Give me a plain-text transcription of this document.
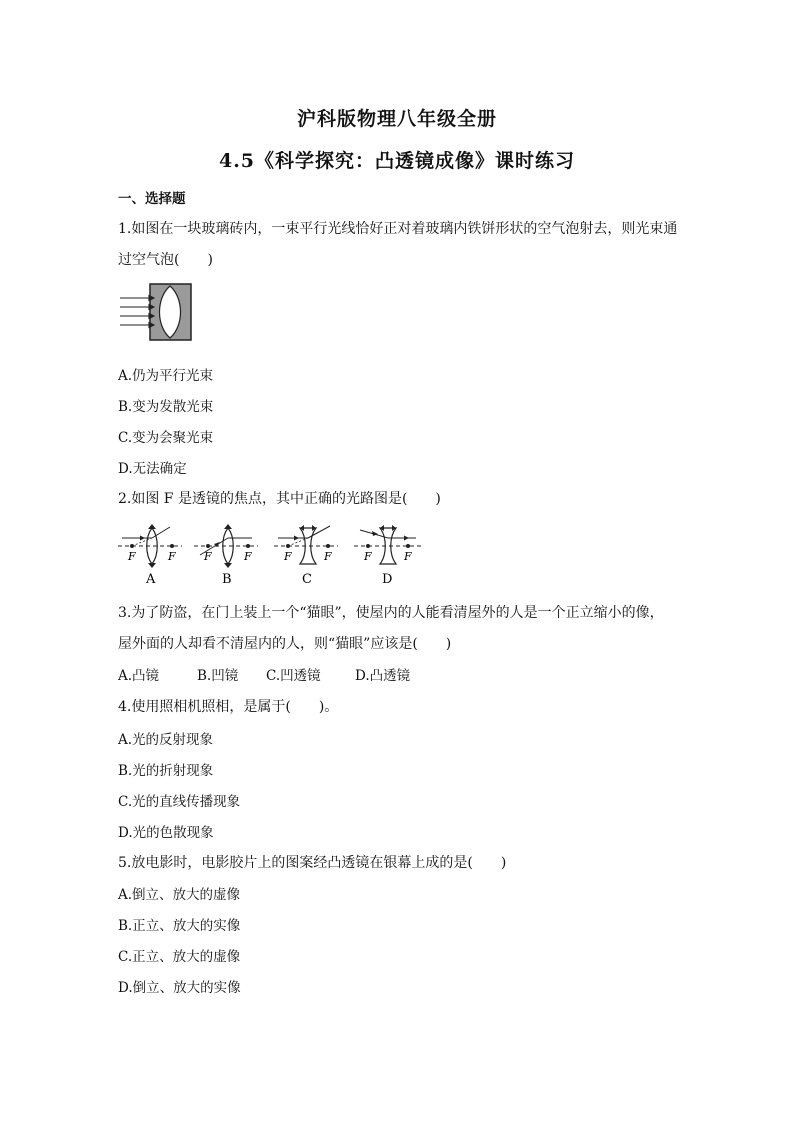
沪科版物理八年级全册
4.5《科学探究：凸透镜成像》课时练习
一、选择题
1.如图在一块玻璃砖内，一束平行光线恰好正对着玻璃内铁饼形状的空气泡射去，则光束通
过空气泡(　　)
A.仍为平行光束
B.变为发散光束
C.变为会聚光束
D.无法确定
2.如图 F 是透镜的焦点，其中正确的光路图是(　　)
F	F
A
F	F
B
F	F
C
F	F
D
3.为了防盗，在门上装上一个“猫眼”，使屋内的人能看清屋外的人是一个正立缩小的像，
屋外面的人却看不清屋内的人，则“猫眼”应该是(　　)
A.凸镜	B.凹镜 C.凹透镜	D.凸透镜
4.使用照相机照相，是属于(　　)。
A.光的反射现象
B.光的折射现象
C.光的直线传播现象
D.光的色散现象
5.放电影时，电影胶片上的图案经凸透镜在银幕上成的是(　　)
A.倒立、放大的虚像
B.正立、放大的实像
C.正立、放大的虚像
D.倒立、放大的实像
